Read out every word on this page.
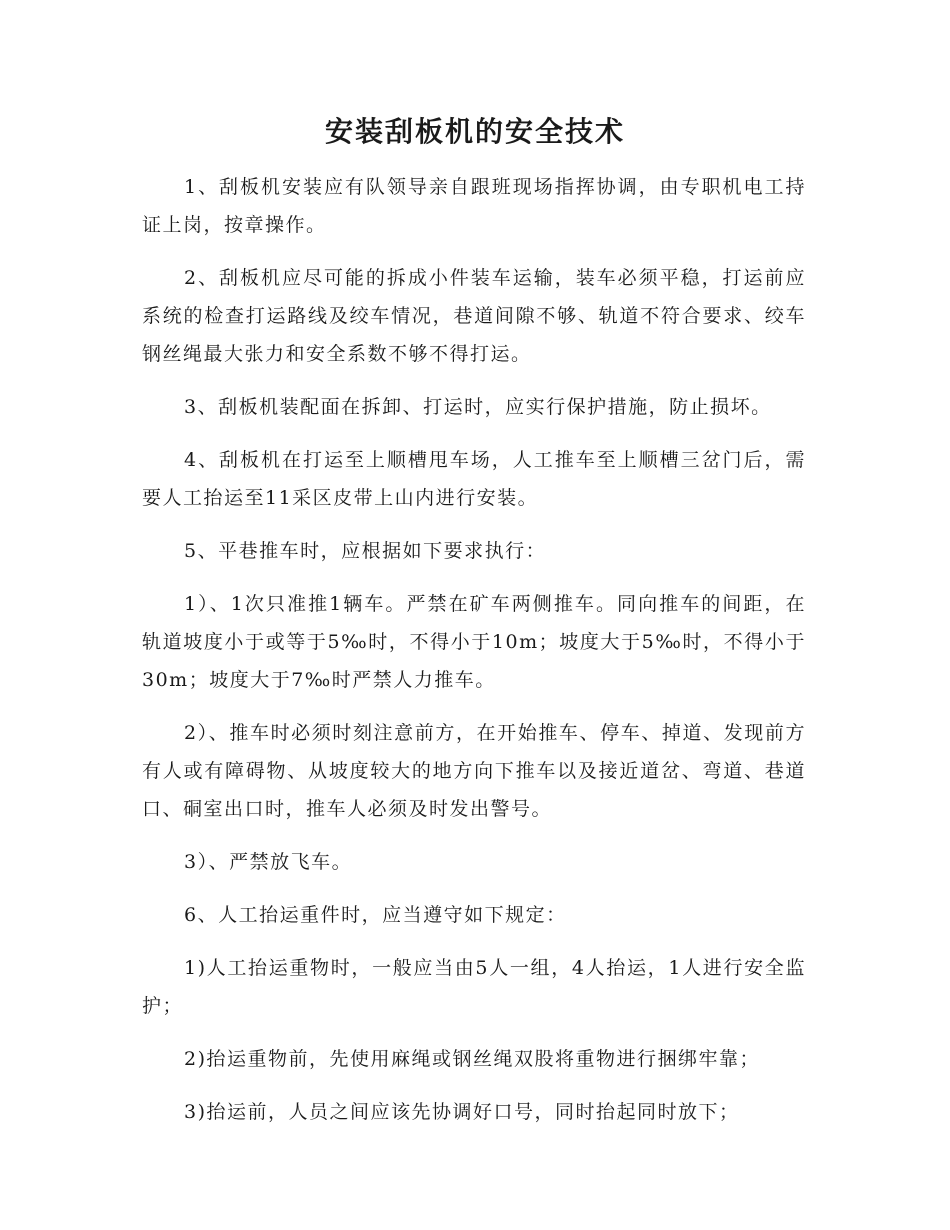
安装刮板机的安全技术

1、刮板机安装应有队领导亲自跟班现场指挥协调，由专职机电工持证上岗，按章操作。

2、刮板机应尽可能的拆成小件装车运输，装车必须平稳，打运前应系统的检查打运路线及绞车情况，巷道间隙不够、轨道不符合要求、绞车钢丝绳最大张力和安全系数不够不得打运。

3、刮板机装配面在拆卸、打运时，应实行保护措施，防止损坏。

4、刮板机在打运至上顺槽甩车场，人工推车至上顺槽三岔门后，需要人工抬运至11采区皮带上山内进行安装。

5、平巷推车时，应根据如下要求执行：

1）、1次只准推1辆车。严禁在矿车两侧推车。同向推车的间距，在轨道坡度小于或等于5‰时，不得小于10m；坡度大于5‰时，不得小于30m；坡度大于7‰时严禁人力推车。

2）、推车时必须时刻注意前方，在开始推车、停车、掉道、发现前方有人或有障碍物、从坡度较大的地方向下推车以及接近道岔、弯道、巷道口、硐室出口时，推车人必须及时发出警号。

3）、严禁放飞车。

6、人工抬运重件时，应当遵守如下规定：

1)人工抬运重物时，一般应当由5人一组，4人抬运，1人进行安全监护；

2)抬运重物前，先使用麻绳或钢丝绳双股将重物进行捆绑牢靠；

3)抬运前，人员之间应该先协调好口号，同时抬起同时放下；
